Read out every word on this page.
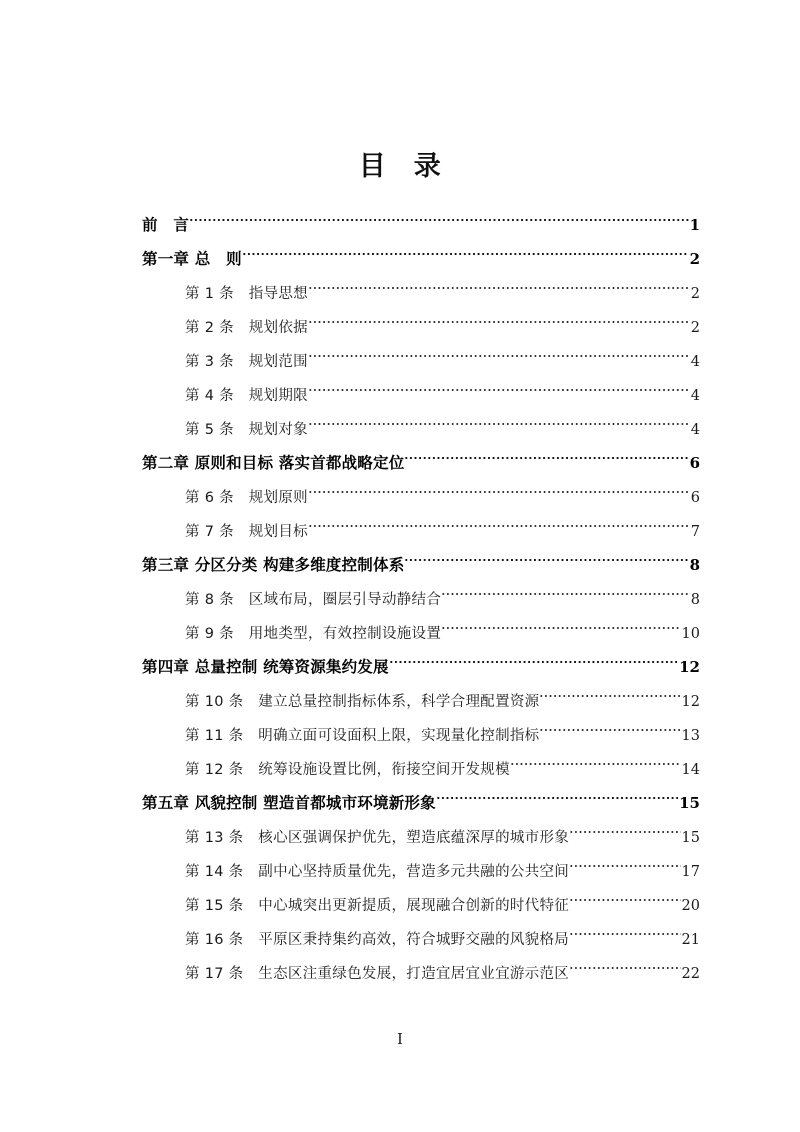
目　录
前　言	1
第一章 总　则	2
第 1 条　指导思想	2
第 2 条　规划依据	2
第 3 条　规划范围	4
第 4 条　规划期限	4
第 5 条　规划对象	4
第二章 原则和目标 落实首都战略定位	6
第 6 条　规划原则	6
第 7 条　规划目标	7
第三章 分区分类 构建多维度控制体系	8
第 8 条　区域布局，圈层引导动静结合	8
第 9 条　用地类型，有效控制设施设置	10
第四章 总量控制 统筹资源集约发展	12
第 10 条　建立总量控制指标体系，科学合理配置资源	12
第 11 条　明确立面可设面积上限，实现量化控制指标	13
第 12 条　统筹设施设置比例，衔接空间开发规模	14
第五章 风貌控制 塑造首都城市环境新形象	15
第 13 条　核心区强调保护优先，塑造底蕴深厚的城市形象	15
第 14 条　副中心坚持质量优先，营造多元共融的公共空间	17
第 15 条　中心城突出更新提质，展现融合创新的时代特征	20
第 16 条　平原区秉持集约高效，符合城野交融的风貌格局	21
第 17 条　生态区注重绿色发展，打造宜居宜业宜游示范区	22
I
